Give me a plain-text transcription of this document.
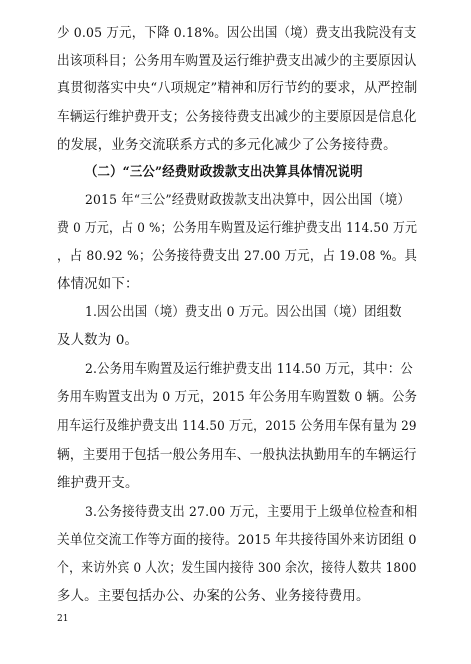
少 0.05 万元，下降 0.18%。因公出国（境）费支出我院没有支
出该项科目；公务用车购置及运行维护费支出减少的主要原因认
真贯彻落实中央“八项规定”精神和厉行节约的要求，从严控制
车辆运行维护费开支；公务接待费支出减少的主要原因是信息化
的发展，业务交流联系方式的多元化减少了公务接待费。
（二）“三公”经费财政拨款支出决算具体情况说明
2015 年“三公”经费财政拨款支出决算中，因公出国（境）
费 0 万元，占 0 %；公务用车购置及运行维护费支出 114.50 万元
，占 80.92 %；公务接待费支出 27.00 万元，占 19.08 %。具
体情况如下：
1.因公出国（境）费支出 0 万元。因公出国（境）团组数
及人数为 0。
2.公务用车购置及运行维护费支出 114.50 万元，其中：公
务用车购置支出为 0 万元，2015 年公务用车购置数 0 辆。公务
用车运行及维护费支出 114.50 万元，2015 公务用车保有量为 29
辆，主要用于包括一般公务用车、一般执法执勤用车的车辆运行
维护费开支。
3.公务接待费支出 27.00 万元，主要用于上级单位检查和相
关单位交流工作等方面的接待。2015 年共接待国外来访团组 0
个，来访外宾 0 人次；发生国内接待 300 余次，接待人数共 1800
多人。主要包括办公、办案的公务、业务接待费用。
21
